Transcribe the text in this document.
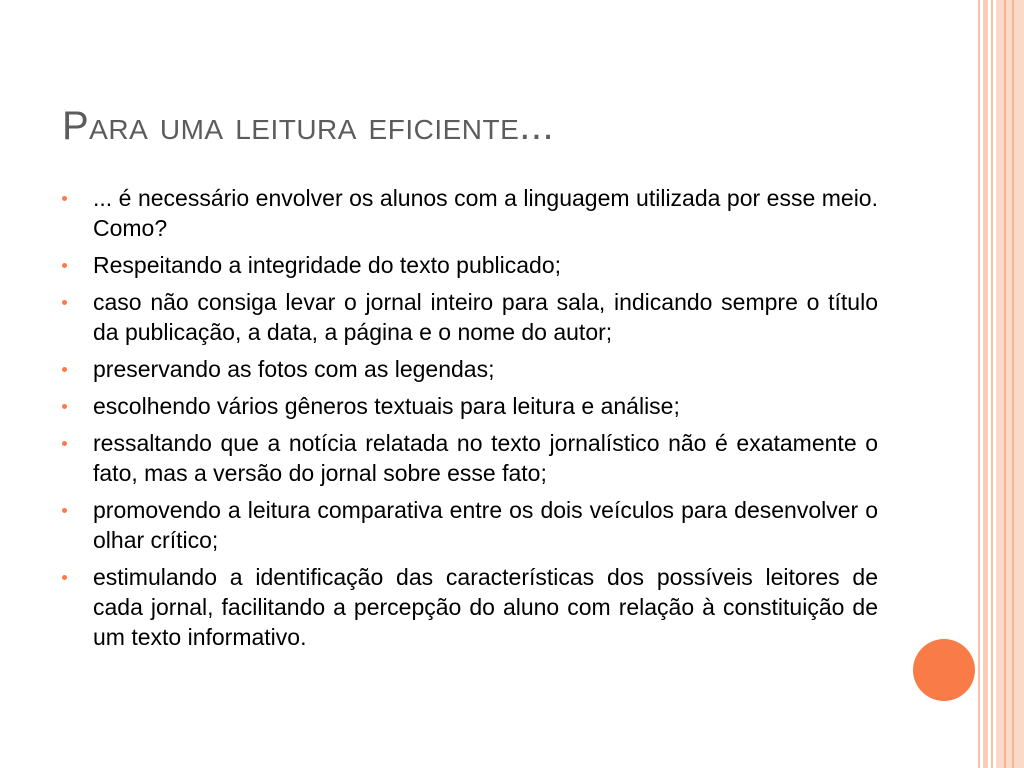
Para uma leitura eficiente...
... é necessário envolver os alunos com a linguagem utilizada por esse meio. Como?
Respeitando a integridade do texto publicado;
caso não consiga levar o jornal inteiro para sala, indicando sempre o título da publicação, a data, a página e o nome do autor;
preservando as fotos com as legendas;
escolhendo vários gêneros textuais para leitura e análise;
ressaltando que a notícia relatada no texto jornalístico não é exatamente o fato, mas a versão do jornal sobre esse fato;
promovendo a leitura comparativa entre os dois veículos para desenvolver o olhar crítico;
estimulando a identificação das características dos possíveis leitores de cada jornal, facilitando a percepção do aluno com relação à constituição de um texto informativo.
